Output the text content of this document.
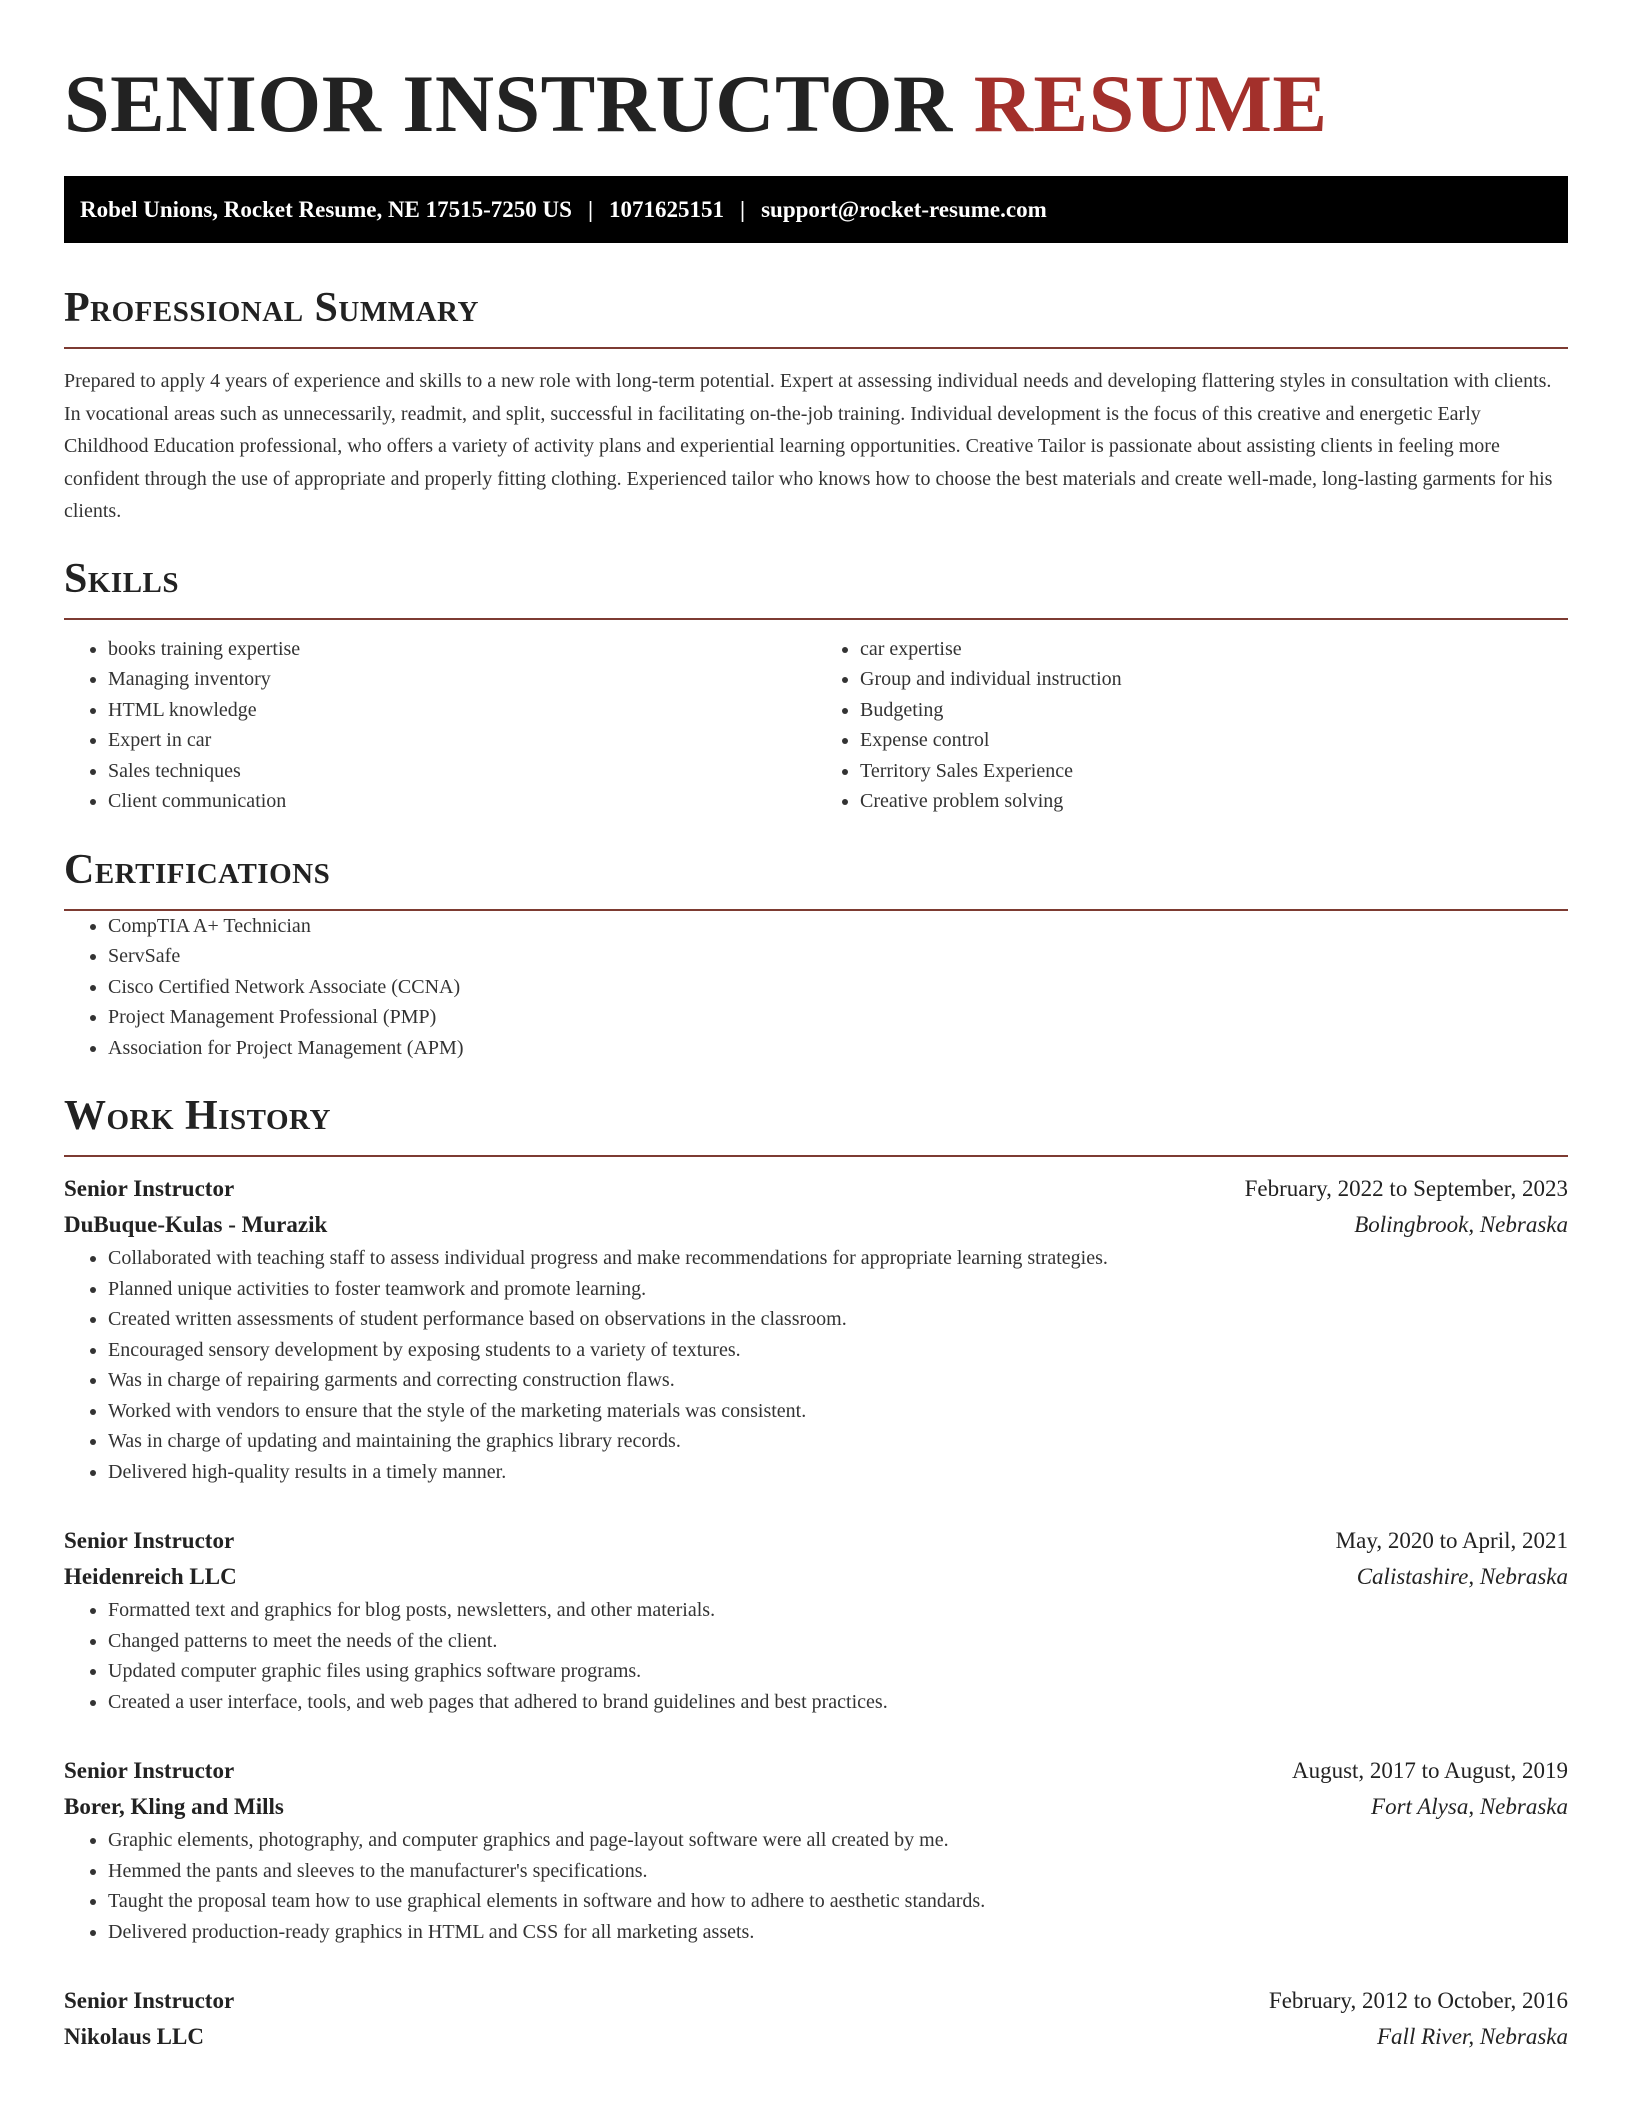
SENIOR INSTRUCTOR RESUME
Robel Unions, Rocket Resume, NE 17515-7250 US | 1071625151 | support@rocket-resume.com
Professional Summary

Prepared to apply 4 years of experience and skills to a new role with long-term potential. Expert at assessing individual needs and developing flattering styles in consultation with clients. In vocational areas such as unnecessarily, readmit, and split, successful in facilitating on-the-job training. Individual development is the focus of this creative and energetic Early Childhood Education professional, who offers a variety of activity plans and experiential learning opportunities. Creative Tailor is passionate about assisting clients in feeling more confident through the use of appropriate and properly fitting clothing. Experienced tailor who knows how to choose the best materials and create well-made, long-lasting garments for his clients.

Skills
• books training expertise
• Managing inventory
• HTML knowledge
• Expert in car
• Sales techniques
• Client communication
• car expertise
• Group and individual instruction
• Budgeting
• Expense control
• Territory Sales Experience
• Creative problem solving
Certifications
• CompTIA A+ Technician
• ServSafe
• Cisco Certified Network Associate (CCNA)
• Project Management Professional (PMP)
• Association for Project Management (APM)
Work History
Senior Instructor	February, 2022 to September, 2023
DuBuque-Kulas - Murazik	Bolingbrook, Nebraska
• Collaborated with teaching staff to assess individual progress and make recommendations for appropriate learning strategies.
• Planned unique activities to foster teamwork and promote learning.
• Created written assessments of student performance based on observations in the classroom.
• Encouraged sensory development by exposing students to a variety of textures.
• Was in charge of repairing garments and correcting construction flaws.
• Worked with vendors to ensure that the style of the marketing materials was consistent.
• Was in charge of updating and maintaining the graphics library records.
• Delivered high-quality results in a timely manner.
Senior Instructor	May, 2020 to April, 2021
Heidenreich LLC	Calistashire, Nebraska
• Formatted text and graphics for blog posts, newsletters, and other materials.
• Changed patterns to meet the needs of the client.
• Updated computer graphic files using graphics software programs.
• Created a user interface, tools, and web pages that adhered to brand guidelines and best practices.
Senior Instructor	August, 2017 to August, 2019
Borer, Kling and Mills	Fort Alysa, Nebraska
• Graphic elements, photography, and computer graphics and page-layout software were all created by me.
• Hemmed the pants and sleeves to the manufacturer's specifications.
• Taught the proposal team how to use graphical elements in software and how to adhere to aesthetic standards.
• Delivered production-ready graphics in HTML and CSS for all marketing assets.
Senior Instructor	February, 2012 to October, 2016
Nikolaus LLC	Fall River, Nebraska
